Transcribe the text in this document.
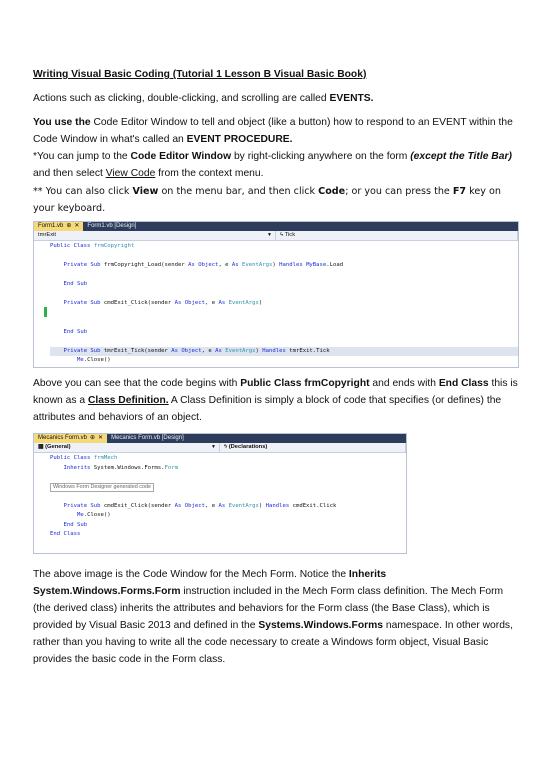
Writing Visual Basic Coding (Tutorial 1 Lesson B Visual Basic Book)
Actions such as clicking, double-clicking, and scrolling are called EVENTS.
You use the Code Editor Window to tell and object (like a button) how to respond to an EVENT within the Code Window in what's called an EVENT PROCEDURE.
*You can jump to the Code Editor Window by right-clicking anywhere on the form (except the Title Bar) and then select View Code from the context menu.
** You can also click View on the menu bar, and then click Code; or you can press the F7 key on your keyboard.
Form1.vb ⊕ ✕ Form1.vb [Design]
tmrExit	▼	ϟ Tick
Public Class frmCopyright

Private Sub frmCopyright_Load(sender As Object, e As EventArgs) Handles MyBase.Load

End Sub

Private Sub cmdExit_Click(sender As Object, e As EventArgs)

End Sub

Private Sub tmrExit_Tick(sender As Object, e As EventArgs) Handles tmrExit.Tick
Me.Close()

Above you can see that the code begins with Public Class frmCopyright and ends with End Class this is known as a Class Definition. A Class Definition is simply a block of code that specifies (or defines) the attributes and behaviors of an object.
Mecanics Form.vb ⊕ ✕ Mecanics Form.vb [Design]
▦ (General)	▼	ϟ (Declarations)
Public Class frmMech
Inherits System.Windows.Forms.Form

Windows Form Designer generated code

Private Sub cmdExit_Click(sender As Object, e As EventArgs) Handles cmdExit.Click
Me.Close()
End Sub
End Class
The above image is the Code Window for the Mech Form. Notice the Inherits System.Windows.Forms.Form instruction included in the Mech Form class definition. The Mech Form (the derived class) inherits the attributes and behaviors for the Form class (the Base Class), which is provided by Visual Basic 2013 and defined in the Systems.Windows.Forms namespace. In other words, rather than you having to write all the code necessary to create a Windows form object, Visual Basic provides the basic code in the Form class.
